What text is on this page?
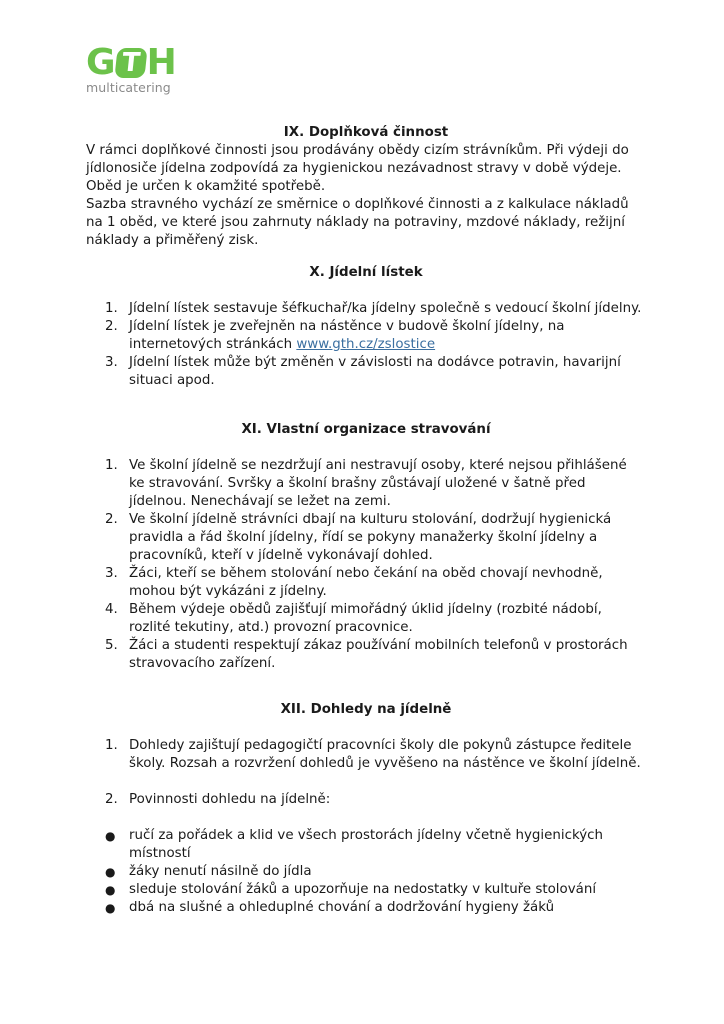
G T H
multicatering
IX. Doplňková činnost

V rámci doplňkové činnosti jsou prodávány obědy cizím strávníkům. Při výdeji do jídlonosiče jídelna zodpovídá za hygienickou nezávadnost stravy v době výdeje. Oběd je určen k okamžité spotřebě.

Sazba stravného vychází ze směrnice o doplňkové činnosti a z kalkulace nákladů na 1 oběd, ve které jsou zahrnuty náklady na potraviny, mzdové náklady, režijní náklady a přiměřený zisk.

X. Jídelní lístek
1. Jídelní lístek sestavuje šéfkuchař/ka jídelny společně s vedoucí školní jídelny.
2. Jídelní lístek je zveřejněn na nástěnce v budově školní jídelny, na internetových stránkách www.gth.cz/zslostice
3. Jídelní lístek může být změněn v závislosti na dodávce potravin, havarijní situaci apod.
XI. Vlastní organizace stravování
1. Ve školní jídelně se nezdržují ani nestravují osoby, které nejsou přihlášené ke stravování. Svršky a školní brašny zůstávají uložené v šatně před jídelnou. Nenechávají se ležet na zemi.
2. Ve školní jídelně strávníci dbají na kulturu stolování, dodržují hygienická pravidla a řád školní jídelny, řídí se pokyny manažerky školní jídelny a pracovníků, kteří v jídelně vykonávají dohled.
3. Žáci, kteří se během stolování nebo čekání na oběd chovají nevhodně, mohou být vykázáni z jídelny.
4. Během výdeje obědů zajišťují mimořádný úklid jídelny (rozbité nádobí, rozlité tekutiny, atd.) provozní pracovnice.
5. Žáci a studenti respektují zákaz používání mobilních telefonů v prostorách stravovacího zařízení.
XII. Dohledy na jídelně
1. Dohledy zajištují pedagogičtí pracovníci školy dle pokynů zástupce ředitele školy. Rozsah a rozvržení dohledů je vyvěšeno na nástěnce ve školní jídelně.
2. Povinnosti dohledu na jídelně:
● ručí za pořádek a klid ve všech prostorách jídelny včetně hygienických místností
● žáky nenutí násilně do jídla
● sleduje stolování žáků a upozorňuje na nedostatky v kultuře stolování
● dbá na slušné a ohleduplné chování a dodržování hygieny žáků
